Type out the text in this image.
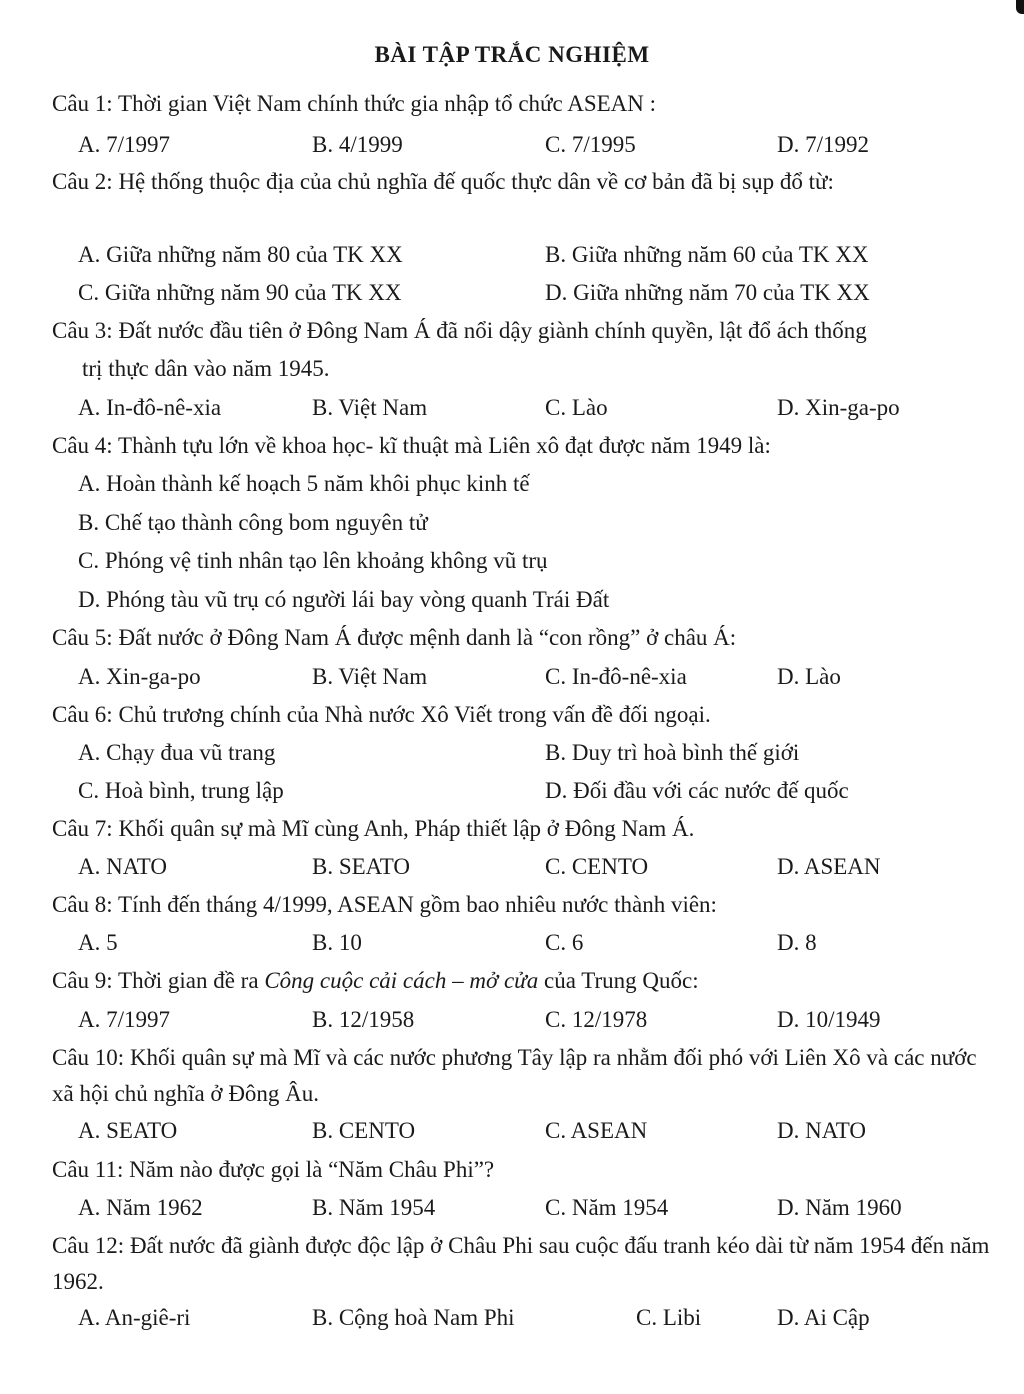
BÀI TẬP TRẮC NGHIỆM
Câu 1: Thời gian Việt Nam chính thức gia nhập tổ chức ASEAN :
A. 7/1997	B. 4/1999	C. 7/1995	D. 7/1992
Câu 2: Hệ thống thuộc địa của chủ nghĩa đế quốc thực dân về cơ bản đã bị sụp đổ từ:
A. Giữa những năm 80 của TK XX	B. Giữa những năm 60 của TK XX
C. Giữa những năm 90 của TK XX	D. Giữa những năm 70 của TK XX
Câu 3: Đất nước đầu tiên ở Đông Nam Á đã nổi dậy giành chính quyền, lật đổ ách thống
trị thực dân vào năm 1945.
A. In-đô-nê-xia	B. Việt Nam	C. Lào	D. Xin-ga-po
Câu 4: Thành tựu lớn về khoa học- kĩ thuật mà Liên xô đạt được năm 1949 là:
A. Hoàn thành kế hoạch 5 năm khôi phục kinh tế
B. Chế tạo thành công bom nguyên tử
C. Phóng vệ tinh nhân tạo lên khoảng không vũ trụ
D. Phóng tàu vũ trụ có người lái bay vòng quanh Trái Đất
Câu 5: Đất nước ở Đông Nam Á được mệnh danh là “con rồng” ở châu Á:
A. Xin-ga-po	B. Việt Nam	C. In-đô-nê-xia	D. Lào
Câu 6: Chủ trương chính của Nhà nước Xô Viết trong vấn đề đối ngoại.
A. Chạy đua vũ trang	B. Duy trì hoà bình thế giới
C. Hoà bình, trung lập	D. Đối đầu với các nước đế quốc
Câu 7: Khối quân sự mà Mĩ cùng Anh, Pháp thiết lập ở Đông Nam Á.
A. NATO	B. SEATO	C. CENTO	D. ASEAN
Câu 8: Tính đến tháng 4/1999, ASEAN gồm bao nhiêu nước thành viên:
A. 5	B. 10	C. 6	D. 8
Câu 9: Thời gian đề ra Công cuộc cải cách – mở cửa của Trung Quốc:
A. 7/1997	B. 12/1958	C. 12/1978	D. 10/1949
Câu 10: Khối quân sự mà Mĩ và các nước phương Tây lập ra nhằm đối phó với Liên Xô và các nước xã hội chủ nghĩa ở Đông Âu.
A. SEATO	B. CENTO	C. ASEAN	D. NATO
Câu 11: Năm nào được gọi là “Năm Châu Phi”?
A. Năm 1962	B. Năm 1954	C. Năm 1954	D. Năm 1960
Câu 12: Đất nước đã giành được độc lập ở Châu Phi sau cuộc đấu tranh kéo dài từ năm 1954 đến năm 1962.
A. An-giê-ri	B. Cộng hoà Nam Phi	C. Libi	D. Ai Cập
